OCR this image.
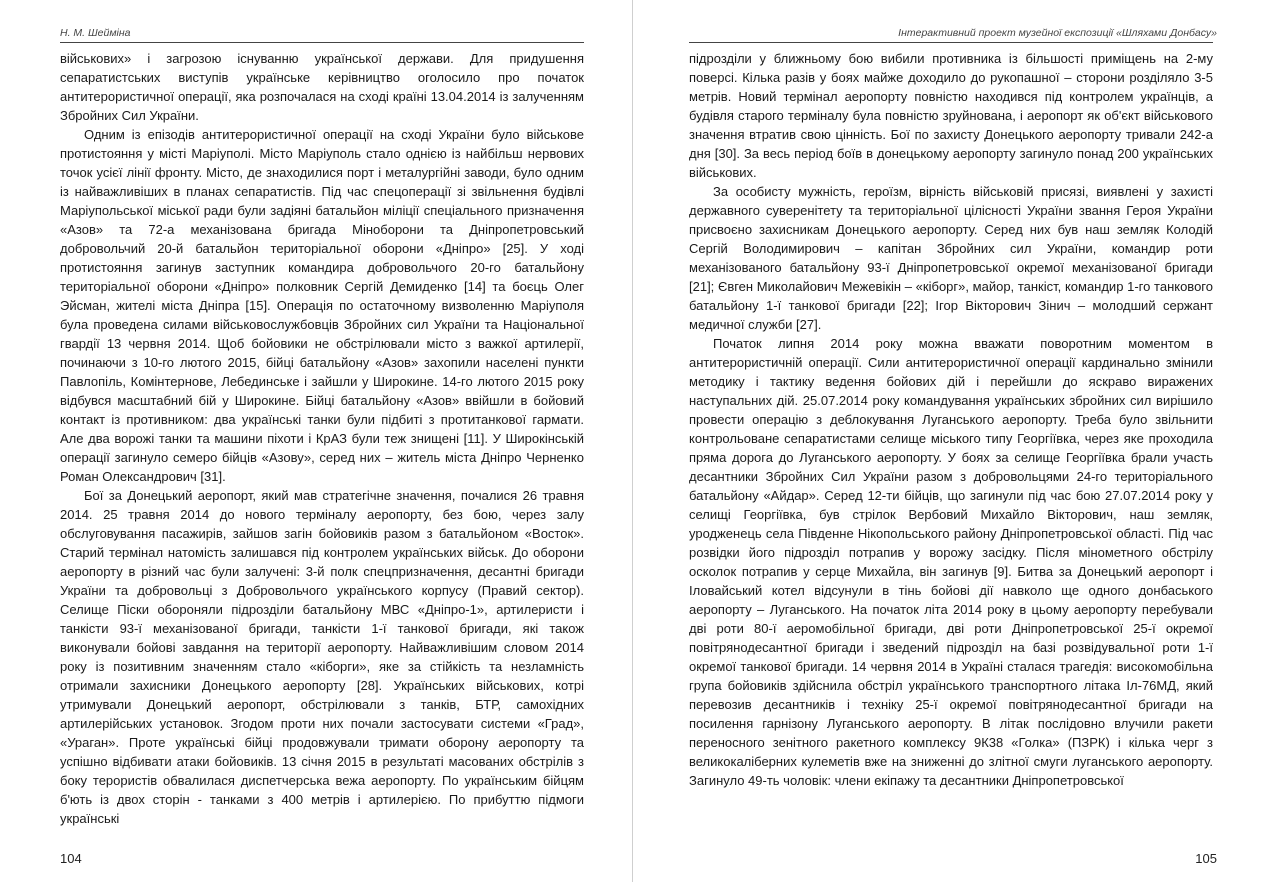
Н. М. Шеймiна

вiйськових» i загрозою iснуванню української держави. Для придушення сепаратистських виступiв українське керiвництво оголосило про початок антитерористичної операцiї, яка розпочалася на сходi країнi 13.04.2014 iз залученням Збройних Сил України.

Одним iз епiзодiв антитерористичної операцiї на сходi України було вiйськове протистояння у мiстi Марiуполi. Мiсто Марiуполь стало однiєю iз найбiльш нервових точок усiєї лiнiї фронту. Мiсто, де знаходилися порт i металургiйнi заводи, було одним iз найважливiших в планах сепаратистiв. Пiд час спецоперацiї зi звiльнення будiвлi Марiупольської мiської ради були задiянi батальйон мiлiцiї спецiального призначення «Азов» та 72-а механiзована бригада Мiноборони та Днiпропетровський добровольчий 20-й батальйон територiальної оборони «Днiпро» [25]. У ходi протистояння загинув заступник командира добровольчого 20-го батальйону територiальної оборони «Днiпро» полковник Сергiй Демиденко [14] та боєць Олег Эйсман, жителi мiста Днiпра [15]. Операцiя по остаточному визволенню Марiуполя була проведена силами вiйськовослужбовцiв Збройних сил України та Нацiональної гвардiї 13 червня 2014. Щоб бойовики не обстрiлювали мiсто з важкої артилерiї, починаючи з 10-го лютого 2015, бiйцi батальйону «Азов» захопили населенi пункти Павлопiль, Комiнтернове, Лебединське i зайшли у Широкине. 14-го лютого 2015 року вiдбувся масштабний бiй у Широкине. Бiйцi батальйону «Азов» ввiйшли в бойовий контакт iз противником: два українськi танки були пiдбитi з протитанкової гармати. Але два ворожi танки та машини пiхоти i КрАЗ були теж знищенi [11]. У Широкiнськiй операцiї загинуло семеро бiйцiв «Азову», серед них – житель мiста Днiпро Черненко Роман Олександрович [31].

Бої за Донецький аеропорт, який мав стратегiчне значення, почалися 26 травня 2014. 25 травня 2014 до нового термiналу аеропорту, без бою, через залу обслуговування пасажирiв, зайшов загiн бойовикiв разом з батальйоном «Восток». Старий термiнал натомiсть залишався пiд контролем українських вiйськ. До оборони аеропорту в рiзний час були залученi: 3-й полк спецпризначення, десантнi бригади України та добровольцi з Добровольчого українського корпусу (Правий сектор). Селище Пiски обороняли пiдроздiли батальйону МВС «Днiпро-1», артилеристи i танкiсти 93-ї механiзованої бригади, танкiсти 1-ї танкової бригади, якi також виконували бойовi завдання на територiї аеропорту. Найважливiшим словом 2014 року iз позитивним значенням стало «кiборги», яке за стiйкiсть та незламнiсть отримали захисники Донецького аеропорту [28]. Українських вiйськових, котрi утримували Донецький аеропорт, обстрiлювали з танкiв, БТР, самохiдних артилерiйських установок. Згодом проти них почали застосувати системи «Град», «Ураган». Проте українськi бiйцi продовжували тримати оборону аеропорту та успiшно вiдбивати атаки бойовикiв. 13 сiчня 2015 в результатi масованих обстрiлiв з боку терористiв обвалилася диспетчерська вежа аеропорту. По українським бiйцям б'ють iз двох сторiн - танками з 400 метрiв i артилерiєю. По прибуттю пiдмоги українськi

104
Iнтерактивний проект музейної експозицiї «Шляхами Донбасу»

пiдроздiли у ближньому бою вибили противника iз бiльшостi примiщень на 2-му поверсi. Кiлька разiв у боях майже доходило до рукопашної – сторони роздiляло 3-5 метрiв. Новий термiнал аеропорту повнiстю находився пiд контролем українцiв, а будiвля старого термiналу була повнiстю зруйнована, i аеропорт як об'єкт вiйськового значення втратив свою цiннiсть. Бої по захисту Донецького аеропорту тривали 242-а дня [30]. За весь перiод боїв в донецькому аеропорту загинуло понад 200 українських вiйськових.

За особисту мужнiсть, героїзм, вiрнiсть вiйськовiй присязi, виявленi у захистi державного суверенiтету та територiальної цiлiсностi України звання Героя України присвоєно захисникам Донецького аеропорту. Серед них був наш земляк Колодiй Сергiй Володимирович – капiтан Збройних сил України, командир роти механiзованого батальйону 93-ї Днiпропетровської окремої механiзованої бригади [21]; Євген Миколайович Межевiкiн – «кiборг», майор, танкiст, командир 1-го танкового батальйону 1-ї танкової бригади [22]; Iгор Вiкторович Зiнич – молодший сержант медичної служби [27].

Початок липня 2014 року можна вважати поворотним моментом в антитерористичнiй операцiї. Сили антитерористичної операцiї кардинально змiнили методику i тактику ведення бойових дiй i перейшли до яскраво виражених наступальних дiй. 25.07.2014 року командування українських збройних сил вирiшило провести операцiю з деблокування Луганського аеропорту. Треба було звiльнити контрольоване сепаратистами селище мiського типу Георгiївка, через яке проходила пряма дорога до Луганського аеропорту. У боях за селище Георгiївка брали участь десантники Збройних Сил України разом з добровольцями 24-го територiального батальйону «Айдар». Серед 12-ти бiйцiв, що загинули пiд час бою 27.07.2014 року у селищi Георгiївка, був стрiлок Вербовий Михайло Вiкторович, наш земляк, уродженець села Пiвденне Нiкопольського району Днiпропетровської областi. Пiд час розвiдки його пiдроздiл потрапив у ворожу засiдку. Пiсля мiнометного обстрiлу осколок потрапив у серце Михайла, вiн загинув [9]. Битва за Донецький аеропорт i Iловайський котел вiдсунули в тiнь бойовi дiї навколо ще одного донбаського аеропорту – Луганського. На початок лiта 2014 року в цьому аеропорту перебували двi роти 80-ї аеромобiльної бригади, двi роти Днiпропетровської 25-ї окремої повiтрянодесантної бригади i зведений пiдроздiл на базi розвiдувальної роти 1-ї окремої танкової бригади. 14 червня 2014 в Українi сталася трагедiя: високомобiльна група бойовикiв здiйснила обстрiл українського транспортного лiтака Iл-76МД, який перевозив десантникiв i технiку 25-ї окремої повiтрянодесантної бригади на посилення гарнiзону Луганського аеропорту. В лiтак послiдовно влучили ракети переносного зенiтного ракетного комплексу 9К38 «Голка» (ПЗРК) i кiлька черг з великокалiберних кулеметiв вже на зниженнi до злiтної смуги луганського аеропорту. Загинуло 49-ть чоловiк: члени екiпажу та десантники Днiпропетровської

105
